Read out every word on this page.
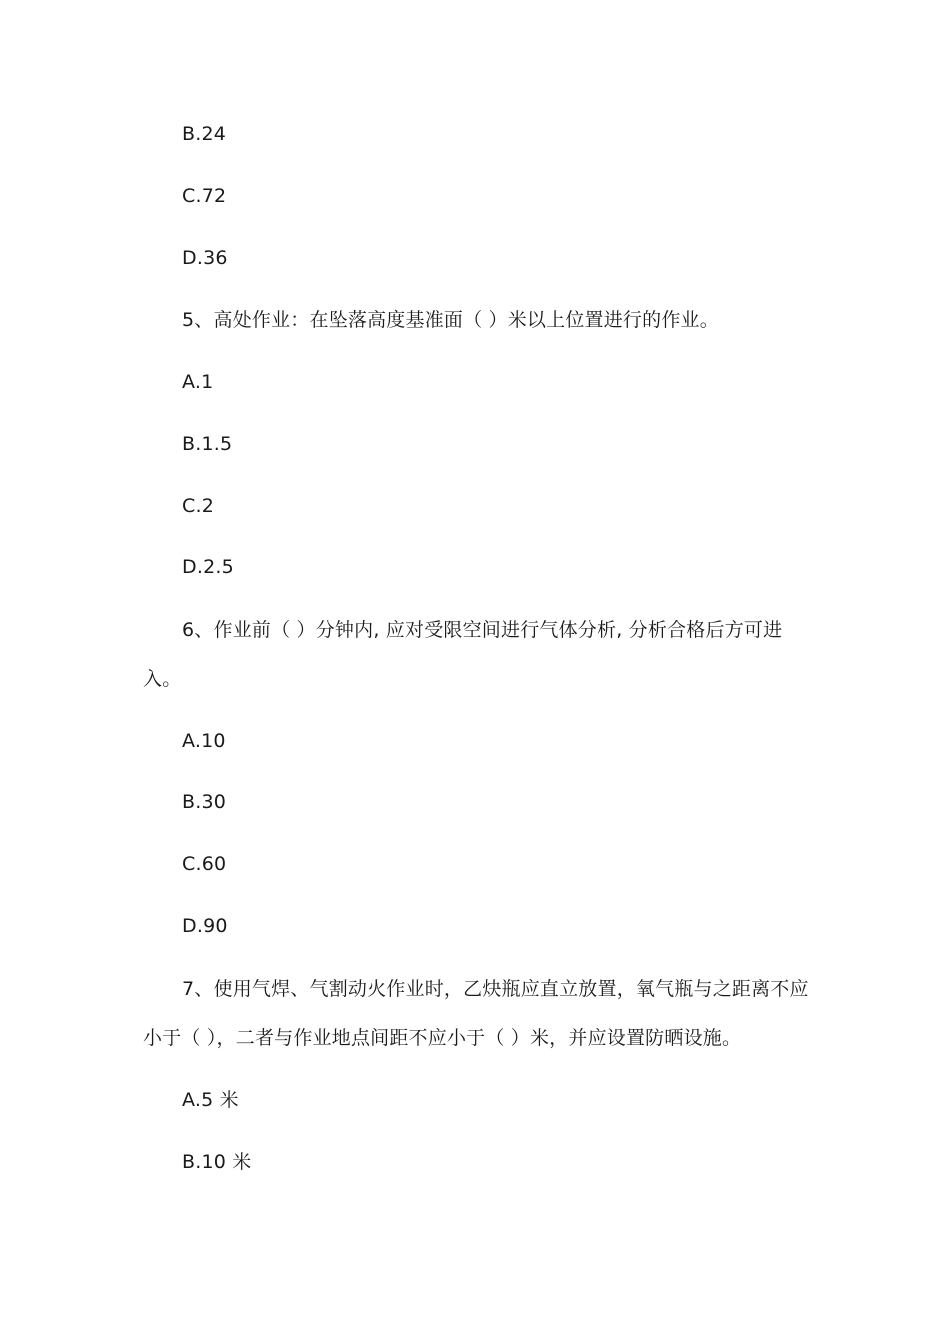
B.24
C.72
D.36
5、高处作业：在坠落高度基准面（ ）米以上位置进行的作业。
A.1
B.1.5
C.2
D.2.5
6、作业前（ ）分钟内, 应对受限空间进行气体分析, 分析合格后方可进
入。
A.10
B.30
C.60
D.90
7、使用气焊、气割动火作业时，乙炔瓶应直立放置，氧气瓶与之距离不应
小于（ ），二者与作业地点间距不应小于（ ）米，并应设置防晒设施。
A.5 米
B.10 米
